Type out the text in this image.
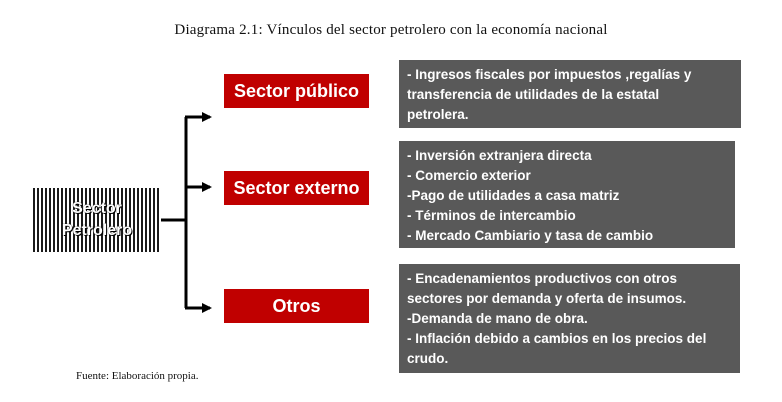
Diagrama 2.1: Vínculos del sector petrolero con la economía nacional
Sector
Petrolero
Sector público
Sector externo
Otros
- Ingresos fiscales por impuestos ,regalías y
transferencia de utilidades de la estatal
petrolera.
- Inversión extranjera directa
- Comercio exterior
-Pago de utilidades a casa matriz
- Términos de intercambio
- Mercado Cambiario y tasa de cambio
- Encadenamientos productivos con otros
sectores por demanda y oferta de insumos.
-Demanda de mano de obra.
- Inflación debido a cambios en los precios del
crudo.
Fuente: Elaboración propia.
